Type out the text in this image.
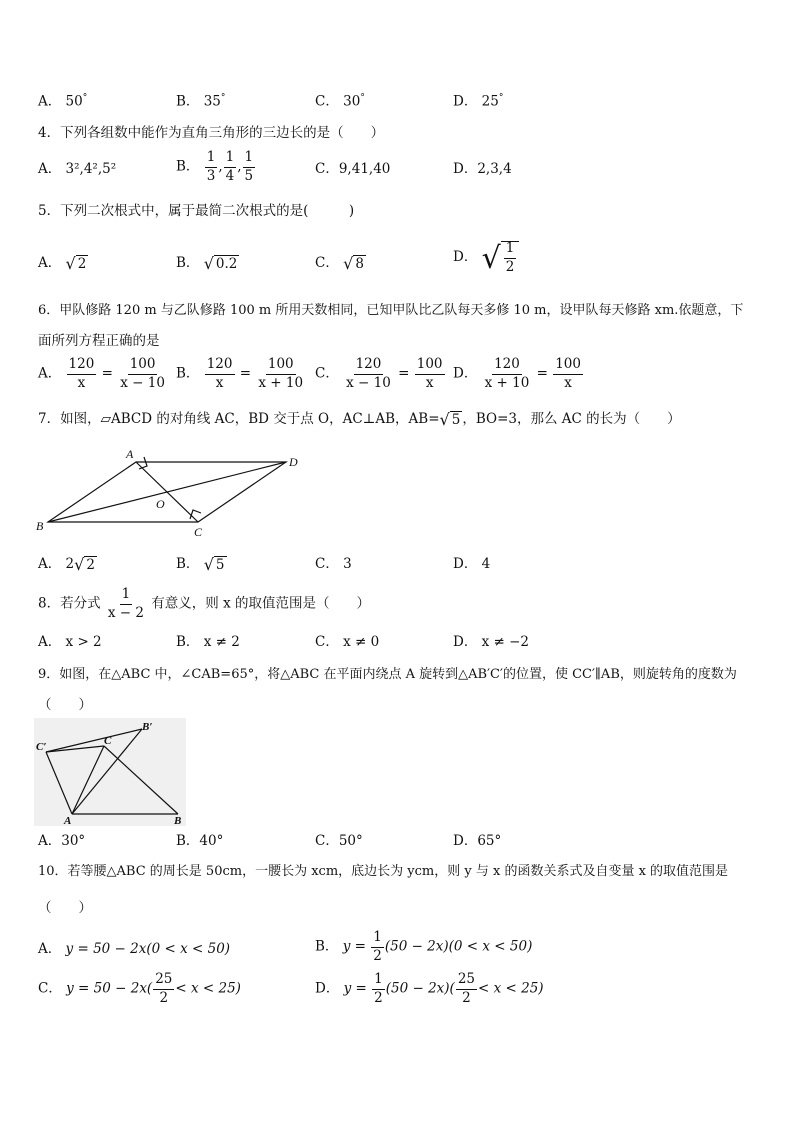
A． 50°	B． 35°	C． 30°	D． 25°
4．下列各组数中能作为直角三角形的三边长的是（　　）
A． 3²,4²,5²	B． $\frac{1}{3}$ , $\frac{1}{4}$ , $\frac{1}{5}$	C．9,41,40	D．2,3,4
5．下列二次根式中，属于最简二次根式的是(　　　)
A． √ 2	B． √ 0.2	C． √ 8	D． √ $\frac{1}{2}$
6．甲队修路 120 m 与乙队修路 100 m 所用天数相同，已知甲队比乙队每天多修 10 m，设甲队每天修路 xm.依题意，下
面所列方程正确的是
A． $\frac{120}{x} = \frac{100}{x - 10}$ B． $\frac{120}{x} = \frac{100}{x + 10}$ C． $\frac{120}{x - 10} = \frac{100}{x}$ D． $\frac{120}{x + 10} = \frac{100}{x}$
7．如图，▱ABCD 的对角线 AC，BD 交于点 O，AC⊥AB，AB= √ 5 ，BO=3，那么 AC 的长为（　　）
A
B	C
D
O
A． 2 √ 2	B． √ 5	C． 3	D． 4
8．若分式 $\frac{1}{x - 2}$ 有意义，则 x 的取值范围是（　　）
A． x > 2	B． x ≠ 2	C． x ≠ 0	D． x ≠ −2
9．如图，在△ABC 中，∠CAB=65°，将△ABC 在平面内绕点 A 旋转到△AB′C′的位置，使 CC′∥AB，则旋转角的度数为
（　　）
C′	C
B′
A	B
A．30°	B．40°	C．50°	D．65°
10．若等腰△ABC 的周长是 50cm，一腰长为 xcm，底边长为 ycm，则 y 与 x 的函数关系式及自变量 x 的取值范围是
（　　）
A． y = 50 − 2x(0 < x < 50)	B． $y = \frac{1}{2} (50 - 2x)(0 < x < 50)$
C． $y = 50 - 2x( \frac{25}{2} < x < 25)$	D． $y = \frac{1}{2} (50 - 2x)( \frac{25}{2} < x < 25)$
